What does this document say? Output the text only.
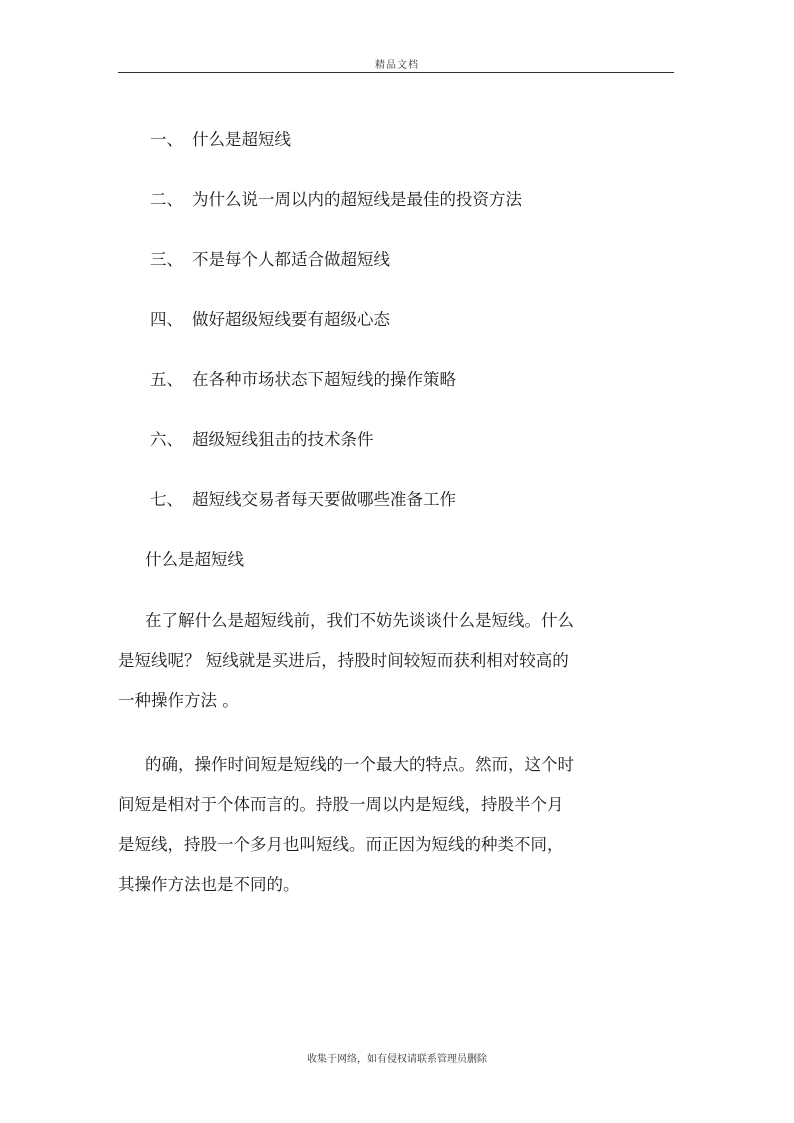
精品文档
一、 什么是超短线
二、 为什么说一周以内的超短线是最佳的投资方法
三、 不是每个人都适合做超短线
四、 做好超级短线要有超级心态
五、 在各种市场状态下超短线的操作策略
六、 超级短线狙击的技术条件
七、 超短线交易者每天要做哪些准备工作
什么是超短线

在了解什么是超短线前，我们不妨先谈谈什么是短线。什么
是短线呢？ 短线就是买进后，持股时间较短而获利相对较高的
一种操作方法 。

的确，操作时间短是短线的一个最大的特点。然而，这个时
间短是相对于个体而言的。持股一周以内是短线，持股半个月
是短线，持股一个多月也叫短线。而正因为短线的种类不同，
其操作方法也是不同的。

收集于网络，如有侵权请联系管理员删除
